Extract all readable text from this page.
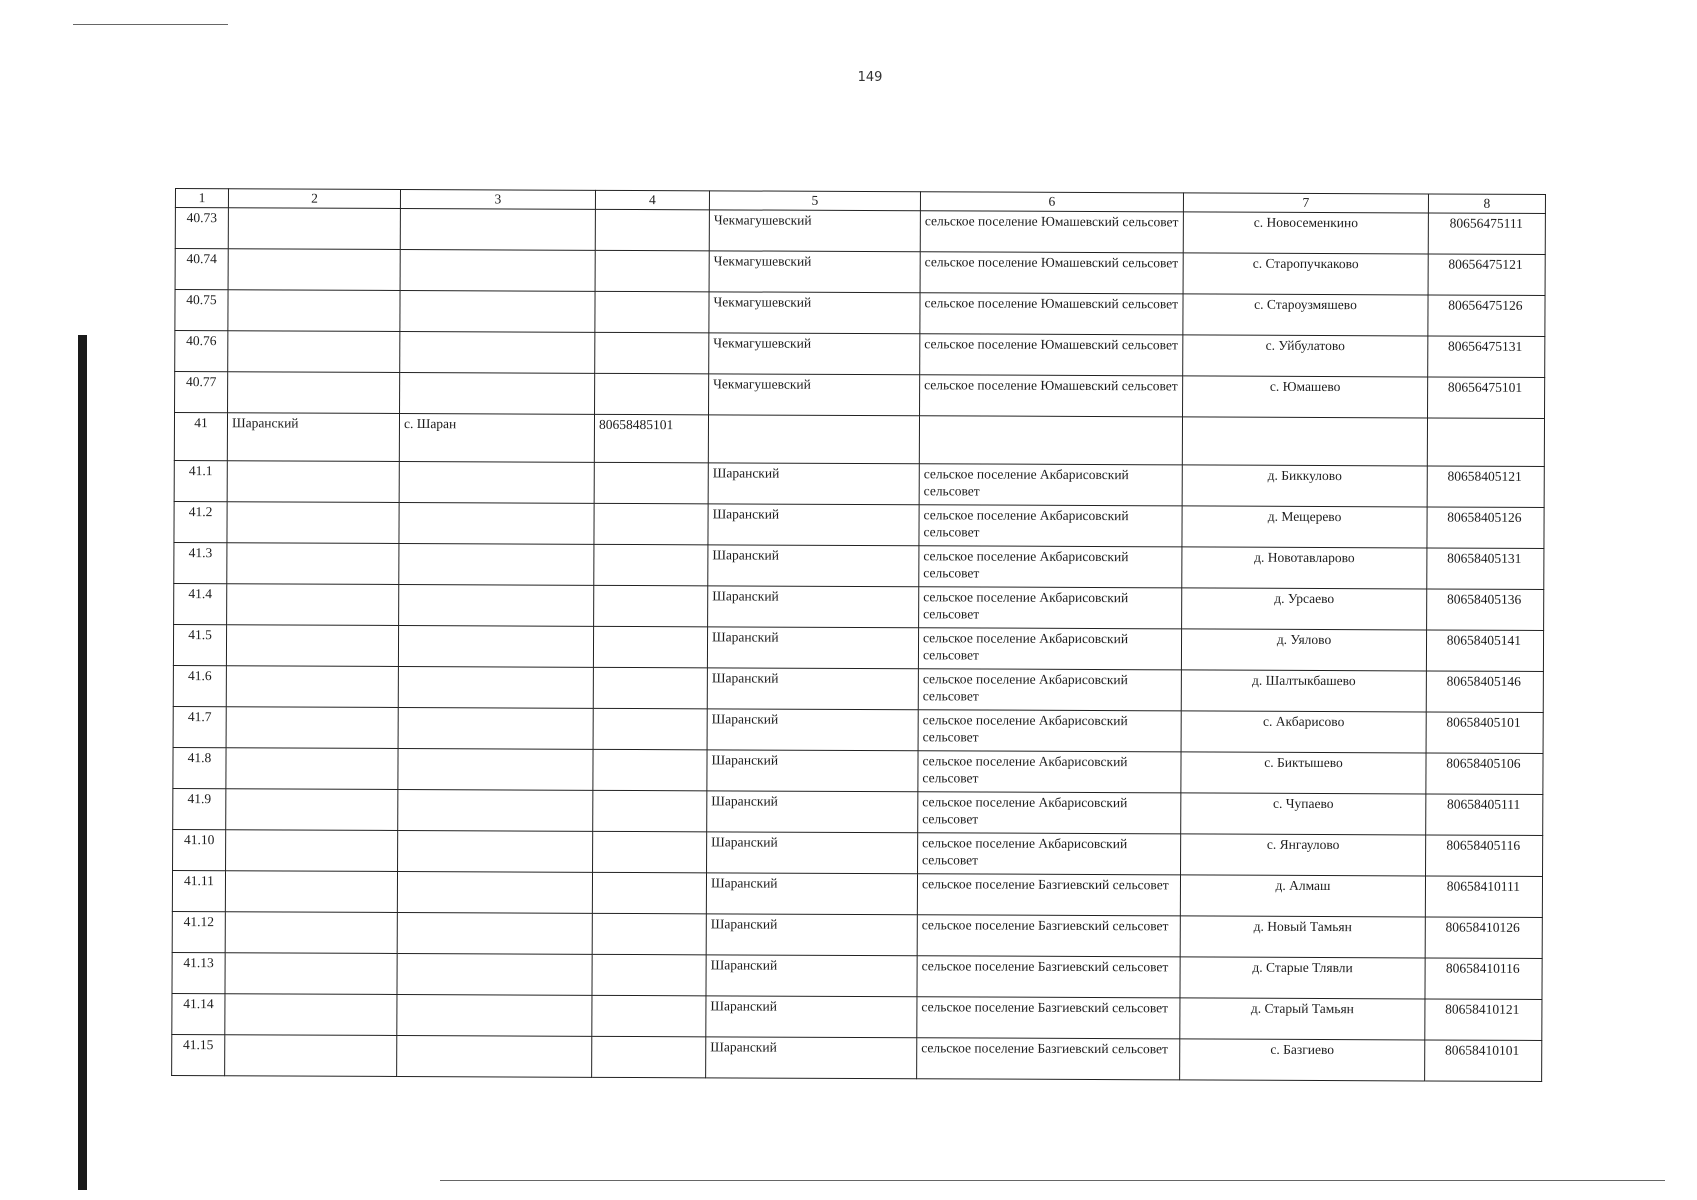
149
1	2	3	4	5	6	7	8
40.73				Чекмагушевский	сельское поселение Юмашевский сельсовет	с. Новосеменкино	80656475111
40.74				Чекмагушевский	сельское поселение Юмашевский сельсовет	с. Старопучкаково	80656475121
40.75				Чекмагушевский	сельское поселение Юмашевский сельсовет	с. Староузмяшево	80656475126
40.76				Чекмагушевский	сельское поселение Юмашевский сельсовет	с. Уйбулатово	80656475131
40.77				Чекмагушевский	сельское поселение Юмашевский сельсовет	с. Юмашево	80656475101
41	Шаранский	с. Шаран	80658485101				
41.1				Шаранский	сельское поселение Акбарисовский сельсовет	д. Биккулово	80658405121
41.2				Шаранский	сельское поселение Акбарисовский сельсовет	д. Мещерево	80658405126
41.3				Шаранский	сельское поселение Акбарисовский сельсовет	д. Новотавларово	80658405131
41.4				Шаранский	сельское поселение Акбарисовский сельсовет	д. Урсаево	80658405136
41.5				Шаранский	сельское поселение Акбарисовский сельсовет	д. Уялово	80658405141
41.6				Шаранский	сельское поселение Акбарисовский сельсовет	д. Шалтыкбашево	80658405146
41.7				Шаранский	сельское поселение Акбарисовский сельсовет	с. Акбарисово	80658405101
41.8				Шаранский	сельское поселение Акбарисовский сельсовет	с. Биктышево	80658405106
41.9				Шаранский	сельское поселение Акбарисовский сельсовет	с. Чупаево	80658405111
41.10				Шаранский	сельское поселение Акбарисовский сельсовет	с. Янгаулово	80658405116
41.11				Шаранский	сельское поселение Базгиевский сельсовет	д. Алмаш	80658410111
41.12				Шаранский	сельское поселение Базгиевский сельсовет	д. Новый Тамьян	80658410126
41.13				Шаранский	сельское поселение Базгиевский сельсовет	д. Старые Тлявли	80658410116
41.14				Шаранский	сельское поселение Базгиевский сельсовет	д. Старый Тамьян	80658410121
41.15				Шаранский	сельское поселение Базгиевский сельсовет	с. Базгиево	80658410101
